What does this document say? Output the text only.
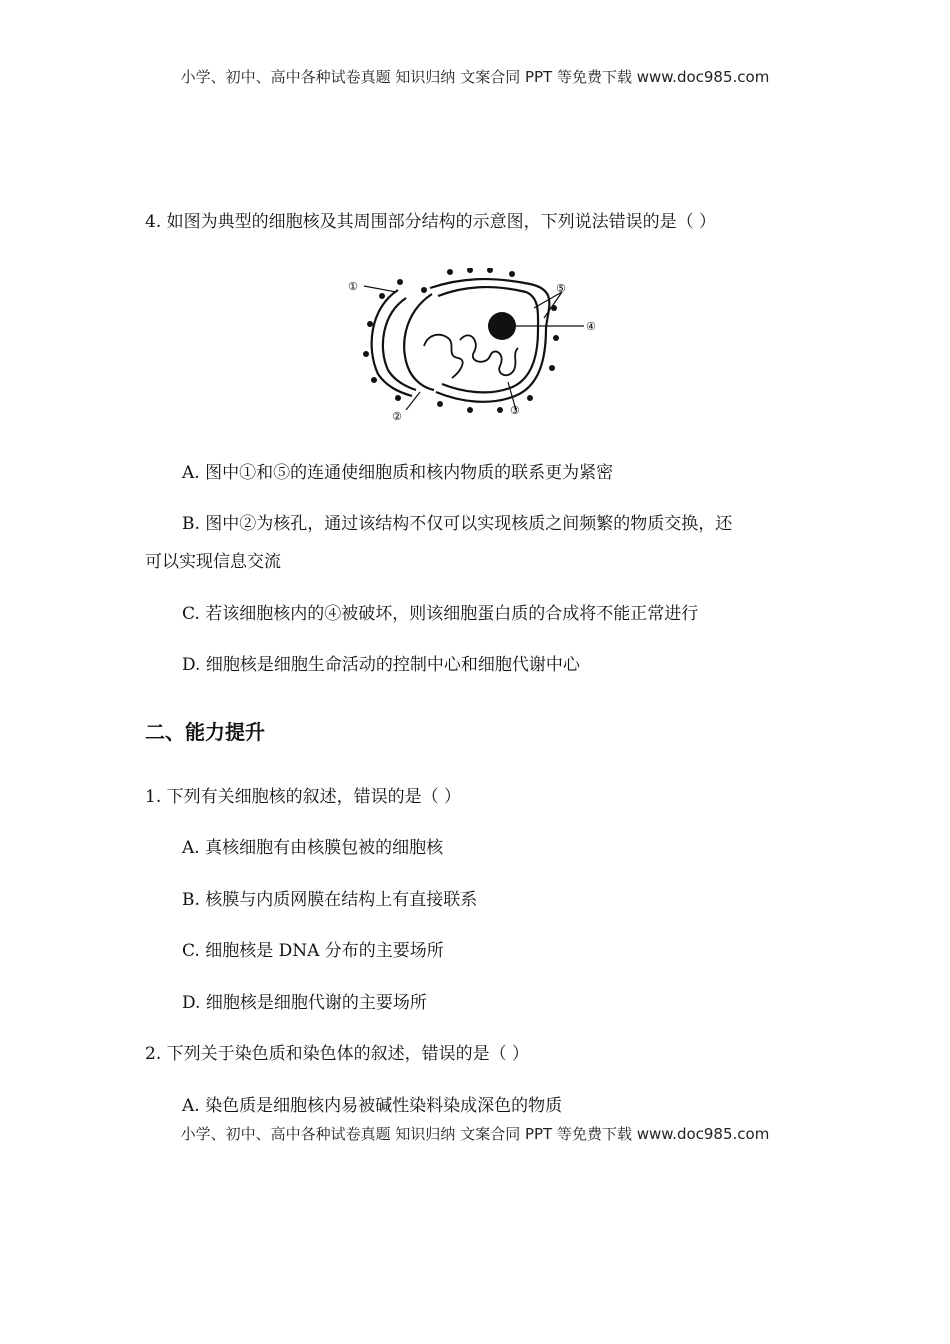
小学、初中、高中各种试卷真题 知识归纳 文案合同 PPT 等免费下载 www.doc985.com
4. 如图为典型的细胞核及其周围部分结构的示意图，下列说法错误的是（ ）
①
②	③
④
⑤
A. 图中①和⑤的连通使细胞质和核内物质的联系更为紧密
B. 图中②为核孔，通过该结构不仅可以实现核质之间频繁的物质交换，还
可以实现信息交流
C. 若该细胞核内的④被破坏，则该细胞蛋白质的合成将不能正常进行
D. 细胞核是细胞生命活动的控制中心和细胞代谢中心
二、能力提升
1. 下列有关细胞核的叙述，错误的是（ ）
A. 真核细胞有由核膜包被的细胞核
B. 核膜与内质网膜在结构上有直接联系
C. 细胞核是 DNA 分布的主要场所
D. 细胞核是细胞代谢的主要场所
2. 下列关于染色质和染色体的叙述，错误的是（ ）
A. 染色质是细胞核内易被碱性染料染成深色的物质
小学、初中、高中各种试卷真题 知识归纳 文案合同 PPT 等免费下载 www.doc985.com
